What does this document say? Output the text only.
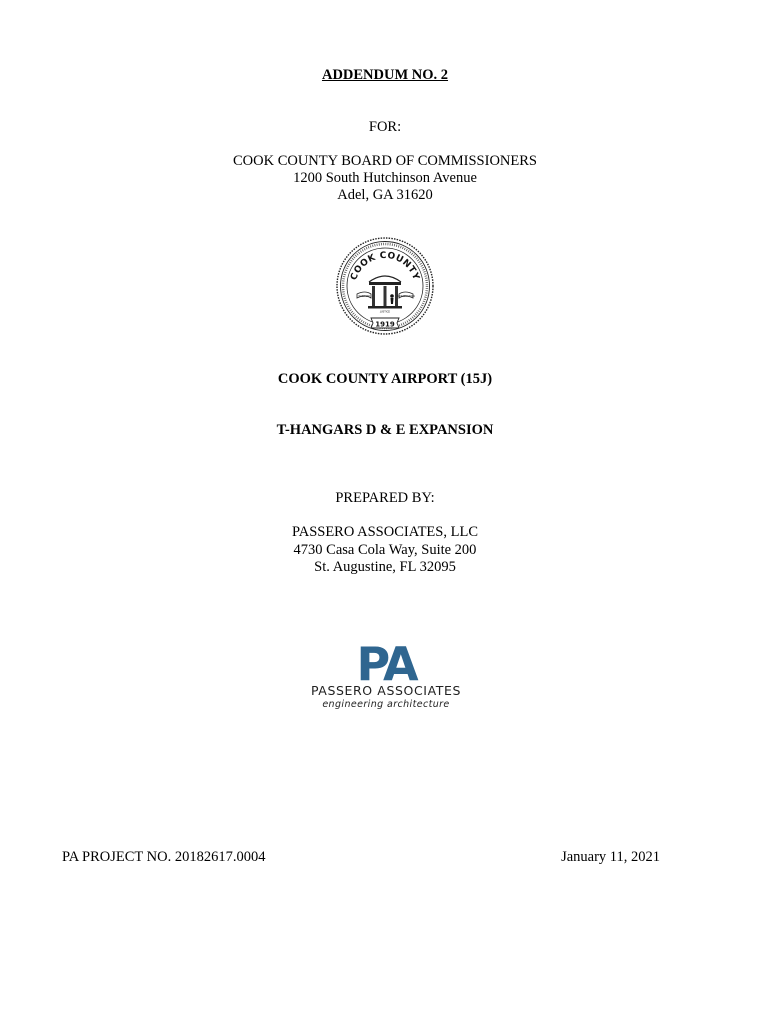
ADDENDUM NO. 2
FOR:
COOK COUNTY BOARD OF COMMISSIONERS
1200 South Hutchinson Avenue
Adel, GA 31620
COOK COUNTY
WISDOM
JUSTICE
MODERATION
1919
COOK COUNTY AIRPORT (15J)
T-HANGARS D & E EXPANSION
PREPARED BY:
PASSERO ASSOCIATES, LLC
4730 Casa Cola Way, Suite 200
St. Augustine, FL 32095
PA
PASSERO ASSOCIATES
engineering architecture
PA PROJECT NO. 20182617.0004	January 11, 2021
